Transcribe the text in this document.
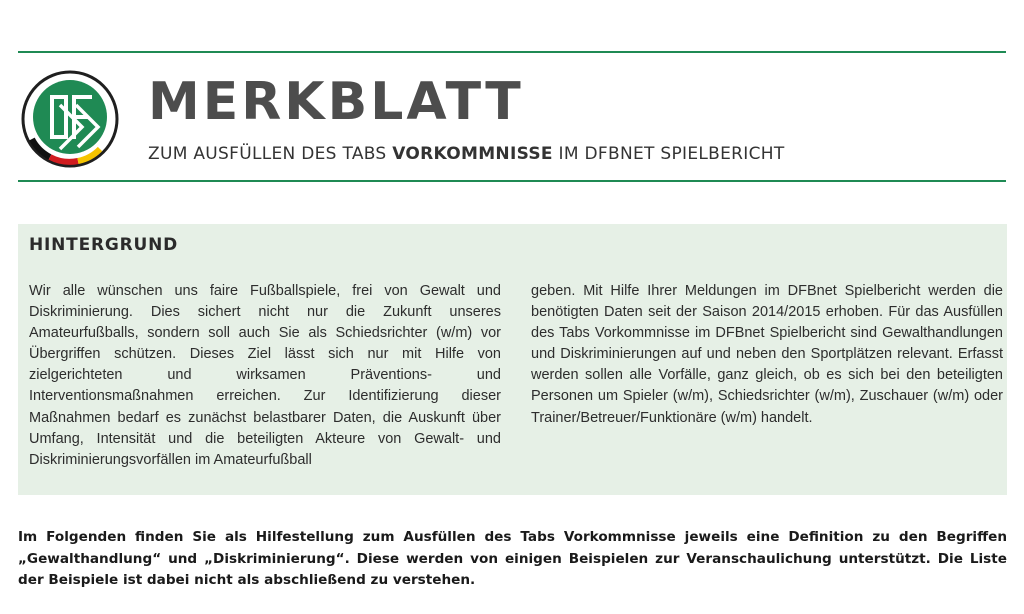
MERKBLATT

ZUM AUSFÜLLEN DES TABS VORKOMMNISSE IM DFBNET SPIELBERICHT

HINTERGRUND

Wir alle wünschen uns faire Fußballspiele, frei von Gewalt und Diskriminierung. Dies sichert nicht nur die Zukunft unseres Amateurfußballs, sondern soll auch Sie als Schiedsrichter (w/m) vor Übergriffen schützen. Dieses Ziel lässt sich nur mit Hilfe von zielgerichteten und wirksamen Präventions- und Interventionsmaßnahmen erreichen. Zur Identifizierung dieser Maßnahmen bedarf es zunächst belastbarer Daten, die Auskunft über Umfang, Intensität und die beteiligten Akteure von Gewalt- und Diskriminierungsvorfällen im Amateurfußball

geben. Mit Hilfe Ihrer Meldungen im DFBnet Spielbericht werden die benötigten Daten seit der Saison 2014/2015 erhoben. Für das Ausfüllen des Tabs Vorkommnisse im DFBnet Spielbericht sind Gewalthandlungen und Diskriminierungen auf und neben den Sportplätzen relevant. Erfasst werden sollen alle Vorfälle, ganz gleich, ob es sich bei den beteiligten Personen um Spieler (w/m), Schiedsrichter (w/m), Zuschauer (w/m) oder Trainer/Betreuer/Funktionäre (w/m) handelt.

Im Folgenden finden Sie als Hilfestellung zum Ausfüllen des Tabs Vorkommnisse jeweils eine Definition zu den Begriffen „Gewalthandlung“ und „Diskriminierung“. Diese werden von einigen Beispielen zur Veranschaulichung unterstützt. Die Liste der Beispiele ist dabei nicht als abschließend zu verstehen.
